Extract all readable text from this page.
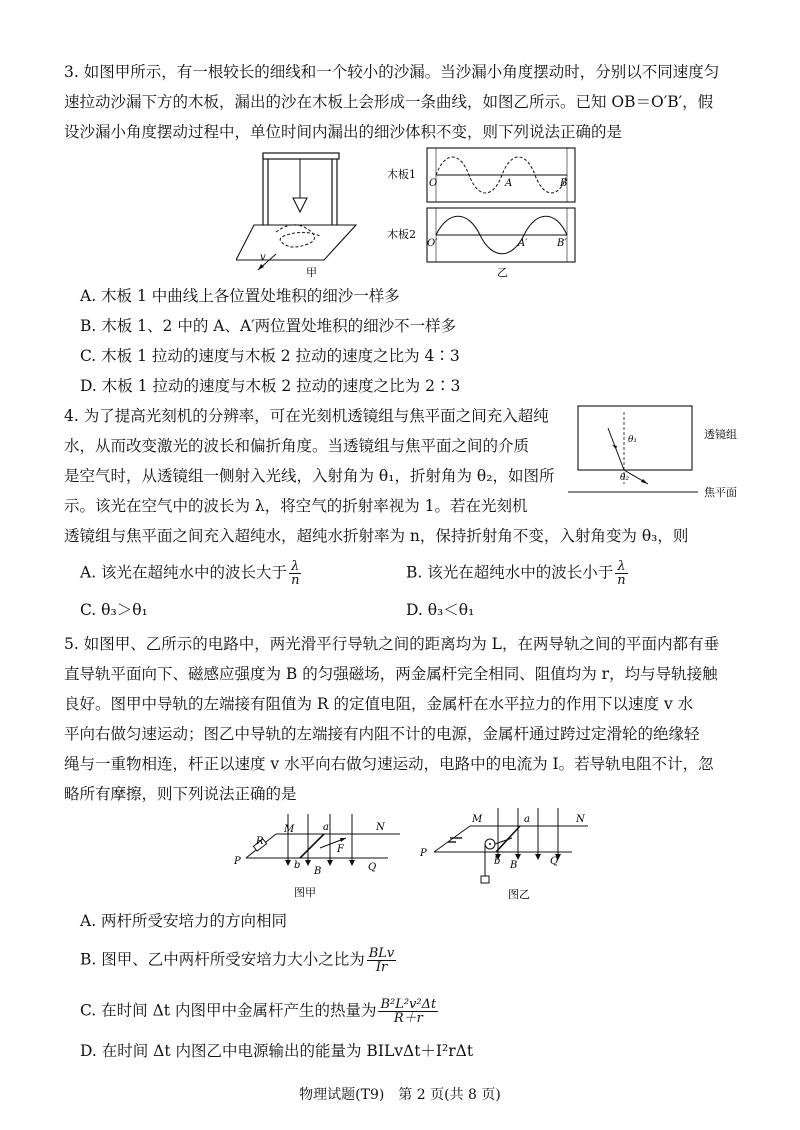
3. 如图甲所示，有一根较长的细线和一个较小的沙漏。当沙漏小角度摆动时，分别以不同速度匀
速拉动沙漏下方的木板，漏出的沙在木板上会形成一条曲线，如图乙所示。已知 OB＝O′B′，假
设沙漏小角度摆动过程中，单位时间内漏出的细沙体积不变，则下列说法正确的是
v
甲
木板1
O	A	B
木板2
O′	A′	B′
乙
A. 木板 1 中曲线上各位置处堆积的细沙一样多
B. 木板 1、2 中的 A、A′两位置处堆积的细沙不一样多
C. 木板 1 拉动的速度与木板 2 拉动的速度之比为 4∶3
D. 木板 1 拉动的速度与木板 2 拉动的速度之比为 2∶3
4. 为了提高光刻机的分辨率，可在光刻机透镜组与焦平面之间充入超纯
水，从而改变激光的波长和偏折角度。当透镜组与焦平面之间的介质
是空气时，从透镜组一侧射入光线，入射角为 θ₁，折射角为 θ₂，如图所
示。该光在空气中的波长为 λ，将空气的折射率视为 1。若在光刻机
透镜组与焦平面之间充入超纯水，超纯水折射率为 n，保持折射角不变，入射角变为 θ₃，则
θ₁
θ₂
透镜组
焦平面
A. 该光在超纯水中的波长大于 $\frac{\lambda}{n}$	B. 该光在超纯水中的波长小于 $\frac{\lambda}{n}$
C. θ₃＞θ₁	D. θ₃＜θ₁
5. 如图甲、乙所示的电路中，两光滑平行导轨之间的距离均为 L，在两导轨之间的平面内都有垂
直导轨平面向下、磁感应强度为 B 的匀强磁场，两金属杆完全相同、阻值均为 r，均与导轨接触
良好。图甲中导轨的左端接有阻值为 R 的定值电阻，金属杆在水平拉力的作用下以速度 v 水
平向右做匀速运动；图乙中导轨的左端接有内阻不计的电源，金属杆通过跨过定滑轮的绝缘轻
绳与一重物相连，杆正以速度 v 水平向右做匀速运动，电路中的电流为 I。若导轨电阻不计，忽
略所有摩擦，则下列说法正确的是
R
M	a	N
P	b
B
F
Q
图甲
M	a	N
P
b B	Q
图乙
A. 两杆所受安培力的方向相同
B. 图甲、乙中两杆所受安培力大小之比为 $\frac{\text{BLv}}{Ir}$
C. 在时间 Δt 内图甲中金属杆产生的热量为 $\frac{\text{B²L²v²Δt}}{R+r}$
D. 在时间 Δt 内图乙中电源输出的能量为 BILvΔt＋I²rΔt
物理试题(T9)　第 2 页(共 8 页)
